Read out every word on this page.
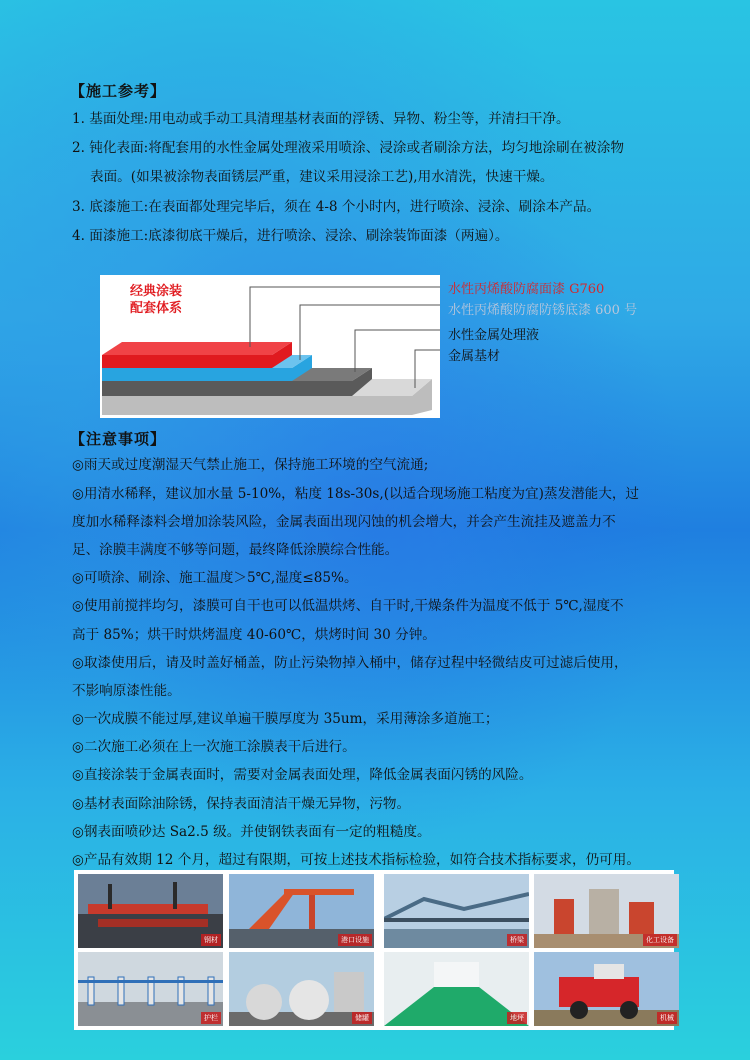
【施工参考】
1. 基面处理:用电动或手动工具清理基材表面的浮锈、异物、粉尘等，并清扫干净。
2. 钝化表面:将配套用的水性金属处理液采用喷涂、浸涂或者刷涂方法，均匀地涂刷在被涂物
表面。(如果被涂物表面锈层严重，建议采用浸涂工艺),用水清洗，快速干燥。
3. 底漆施工:在表面都处理完毕后，须在 4-8 个小时内，进行喷涂、浸涂、刷涂本产品。
4. 面漆施工:底漆彻底干燥后，进行喷涂、浸涂、刷涂装饰面漆（两遍）。
经典涂装
配套体系
水性丙烯酸防腐面漆 G760
水性丙烯酸防腐防锈底漆 600 号
水性金属处理液
金属基材
【注意事项】
◎雨天或过度潮湿天气禁止施工，保持施工环境的空气流通;
◎用清水稀释，建议加水量 5-10%，粘度 18s-30s,(以适合现场施工粘度为宜)蒸发潜能大，过
度加水稀释漆料会增加涂装风险，金属表面出现闪蚀的机会增大，并会产生流挂及遮盖力不
足、涂膜丰满度不够等问题，最终降低涂膜综合性能。
◎可喷涂、刷涂、施工温度＞5℃,湿度≤85%。
◎使用前搅拌均匀，漆膜可自干也可以低温烘烤、自干时,干燥条件为温度不低于 5℃,湿度不
高于 85%；烘干时烘烤温度 40-60℃，烘烤时间 30 分钟。
◎取漆使用后，请及时盖好桶盖，防止污染物掉入桶中，储存过程中轻微结皮可过滤后使用，
不影响原漆性能。
◎一次成膜不能过厚,建议单遍干膜厚度为 35um，采用薄涂多道施工；
◎二次施工必须在上一次施工涂膜表干后进行。
◎直接涂装于金属表面时，需要对金属表面处理，降低金属表面闪锈的风险。
◎基材表面除油除锈，保持表面清洁干燥无异物，污物。
◎钢表面喷砂达 Sa2.5 级。并使钢铁表面有一定的粗糙度。
◎产品有效期 12 个月，超过有限期，可按上述技术指标检验，如符合技术指标要求，仍可用。
钢材	港口设施	桥梁	化工设备
护栏	储罐	地坪	机械
